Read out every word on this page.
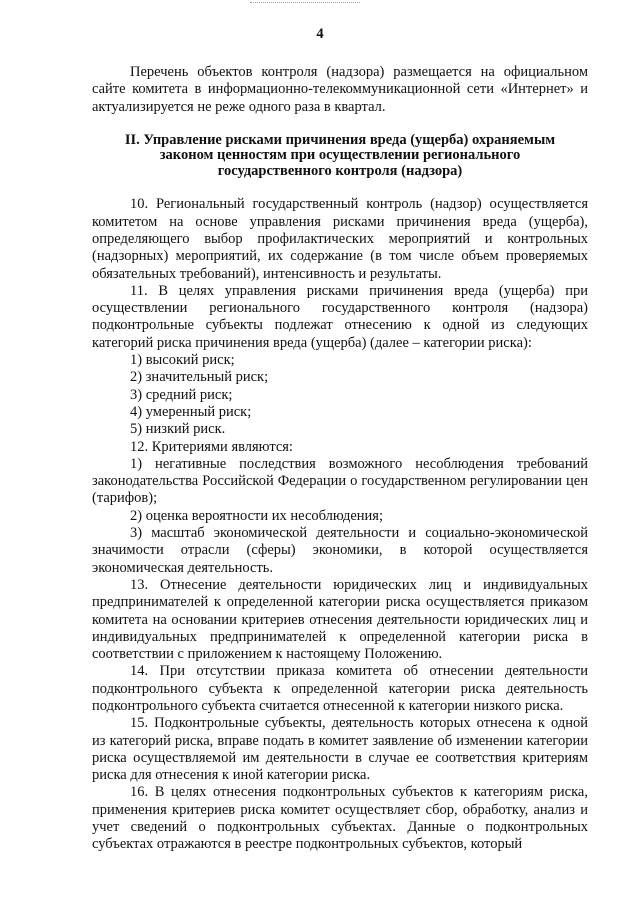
4

Перечень объектов контроля (надзора) размещается на официальном сайте комитета в информационно-телекоммуникационной сети «Интернет» и актуализируется не реже одного раза в квартал.

II. Управление рисками причинения вреда (ущерба) охраняемым законом ценностям при осуществлении регионального государственного контроля (надзора)

10. Региональный государственный контроль (надзор) осуществляется комитетом на основе управления рисками причинения вреда (ущерба), определяющего выбор профилактических мероприятий и контрольных (надзорных) мероприятий, их содержание (в том числе объем проверяемых обязательных требований), интенсивность и результаты.

11. В целях управления рисками причинения вреда (ущерба) при осуществлении регионального государственного контроля (надзора) подконтрольные субъекты подлежат отнесению к одной из следующих категорий риска причинения вреда (ущерба) (далее – категории риска):

1) высокий риск;

2) значительный риск;

3) средний риск;

4) умеренный риск;

5) низкий риск.

12. Критериями являются:

1) негативные последствия возможного несоблюдения требований законодательства Российской Федерации о государственном регулировании цен (тарифов);

2) оценка вероятности их несоблюдения;

3) масштаб экономической деятельности и социально-экономической значимости отрасли (сферы) экономики, в которой осуществляется экономическая деятельность.

13. Отнесение деятельности юридических лиц и индивидуальных предпринимателей к определенной категории риска осуществляется приказом комитета на основании критериев отнесения деятельности юридических лиц и индивидуальных предпринимателей к определенной категории риска в соответствии с приложением к настоящему Положению.

14. При отсутствии приказа комитета об отнесении деятельности подконтрольного субъекта к определенной категории риска деятельность подконтрольного субъекта считается отнесенной к категории низкого риска.

15. Подконтрольные субъекты, деятельность которых отнесена к одной из категорий риска, вправе подать в комитет заявление об изменении категории риска осуществляемой им деятельности в случае ее соответствия критериям риска для отнесения к иной категории риска.

16. В целях отнесения подконтрольных субъектов к категориям риска, применения критериев риска комитет осуществляет сбор, обработку, анализ и учет сведений о подконтрольных субъектах. Данные о подконтрольных субъектах отражаются в реестре подконтрольных субъектов, который
